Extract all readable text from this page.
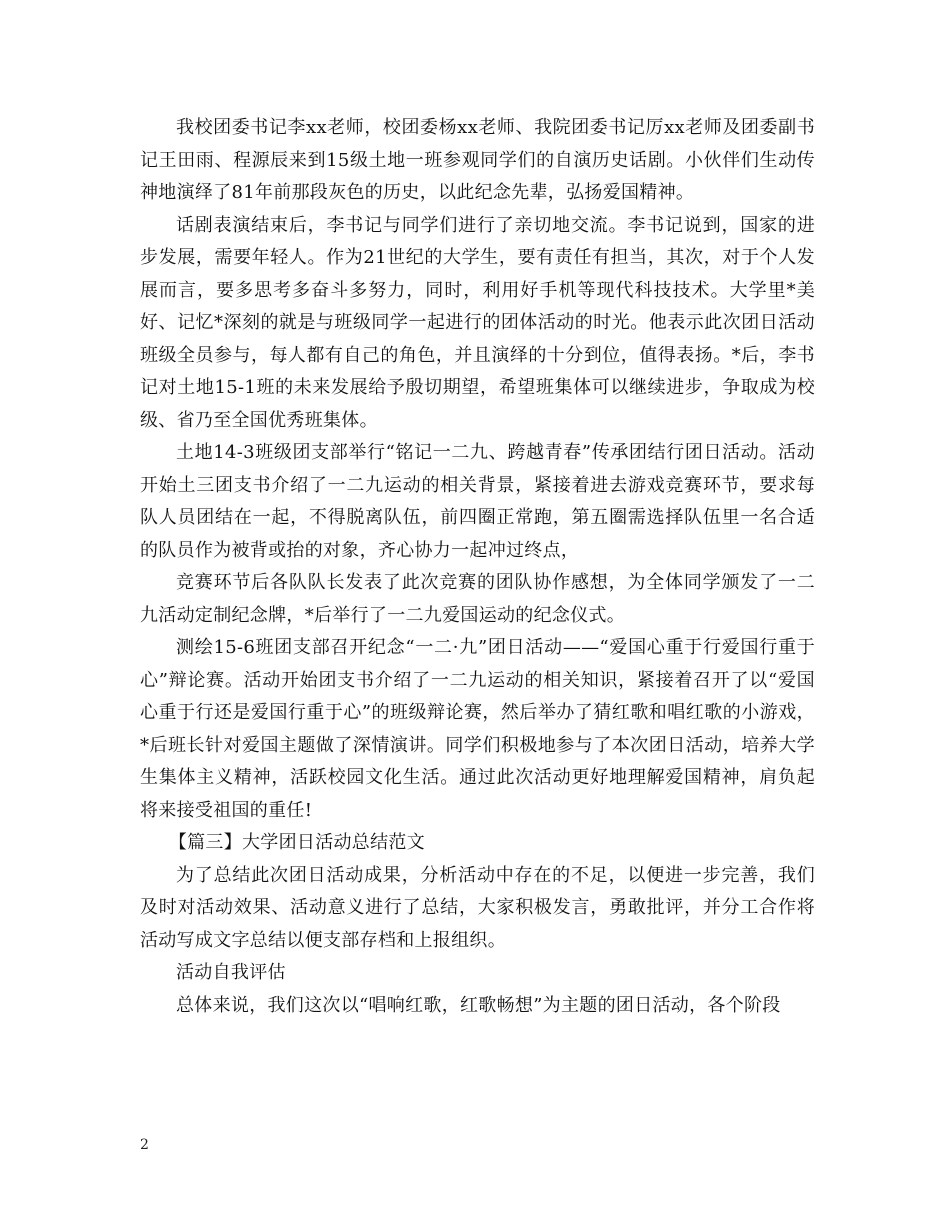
我校团委书记李xx老师，校团委杨xx老师、我院团委书记厉xx老师及团委副书记王田雨、程源辰来到15级土地一班参观同学们的自演历史话剧。小伙伴们生动传神地演绎了81年前那段灰色的历史，以此纪念先辈，弘扬爱国精神。

话剧表演结束后，李书记与同学们进行了亲切地交流。李书记说到，国家的进步发展，需要年轻人。作为21世纪的大学生，要有责任有担当，其次，对于个人发展而言，要多思考多奋斗多努力，同时，利用好手机等现代科技技术。大学里*美好、记忆*深刻的就是与班级同学一起进行的团体活动的时光。他表示此次团日活动班级全员参与，每人都有自己的角色，并且演绎的十分到位，值得表扬。*后，李书记对土地15-1班的未来发展给予殷切期望，希望班集体可以继续进步，争取成为校级、省乃至全国优秀班集体。

土地14-3班级团支部举行“铭记一二九、跨越青春”传承团结行团日活动。活动开始土三团支书介绍了一二九运动的相关背景，紧接着进去游戏竞赛环节，要求每队人员团结在一起，不得脱离队伍，前四圈正常跑，第五圈需选择队伍里一名合适的队员作为被背或抬的对象，齐心协力一起冲过终点，

竞赛环节后各队队长发表了此次竞赛的团队协作感想，为全体同学颁发了一二九活动定制纪念牌，*后举行了一二九爱国运动的纪念仪式。

测绘15-6班团支部召开纪念“一二·九”团日活动——“爱国心重于行爱国行重于心”辩论赛。活动开始团支书介绍了一二九运动的相关知识，紧接着召开了以“爱国心重于行还是爱国行重于心”的班级辩论赛，然后举办了猜红歌和唱红歌的小游戏，*后班长针对爱国主题做了深情演讲。同学们积极地参与了本次团日活动，培养大学生集体主义精神，活跃校园文化生活。通过此次活动更好地理解爱国精神，肩负起将来接受祖国的重任!

【篇三】大学团日活动总结范文

为了总结此次团日活动成果，分析活动中存在的不足，以便进一步完善，我们及时对活动效果、活动意义进行了总结，大家积极发言，勇敢批评，并分工合作将活动写成文字总结以便支部存档和上报组织。

活动自我评估

总体来说，我们这次以“唱响红歌，红歌畅想”为主题的团日活动，各个阶段

2
